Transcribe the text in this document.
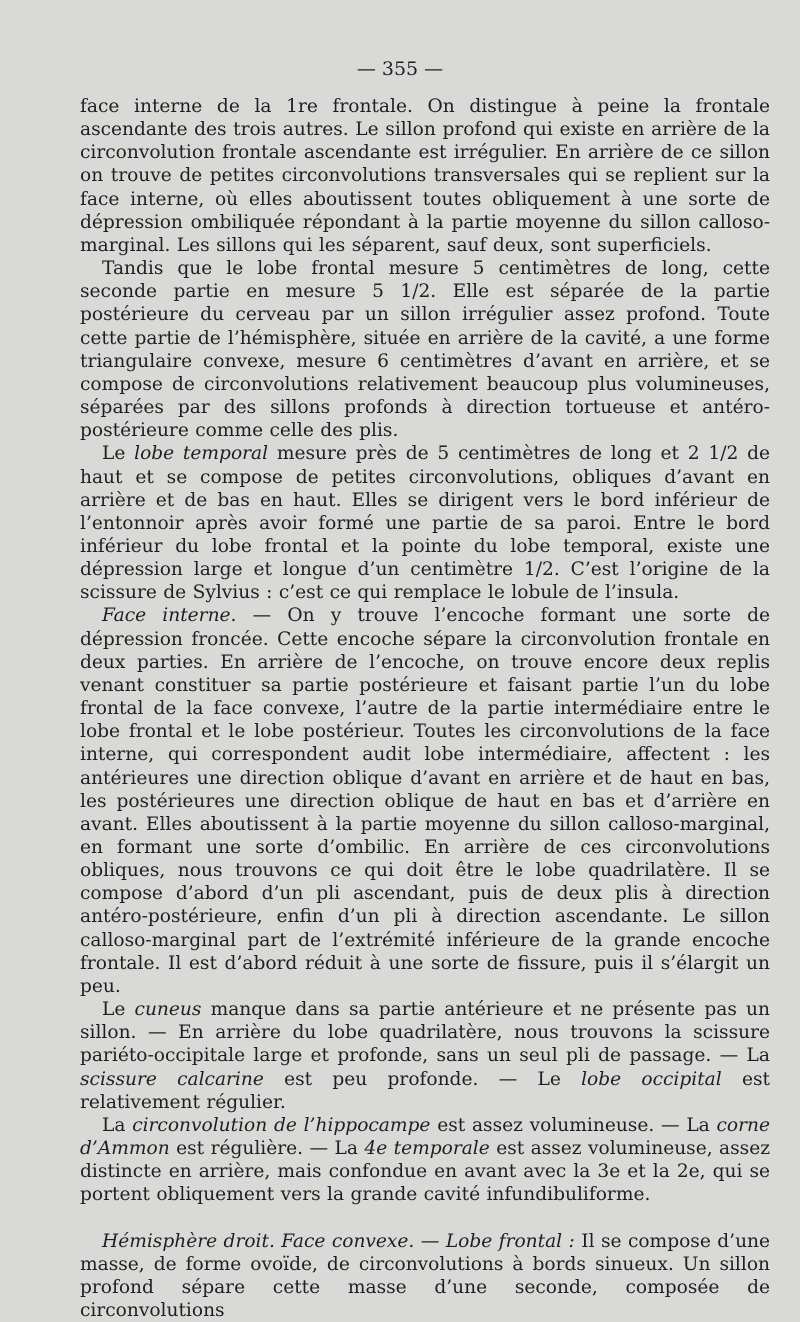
— 355 —

face interne de la 1re frontale. On distingue à peine la frontale ascendante des trois autres. Le sillon profond qui existe en arrière de la circonvolution frontale ascendante est irrégulier. En arrière de ce sillon on trouve de petites circonvolutions transversales qui se replient sur la face interne, où elles aboutissent toutes obliquement à une sorte de dépression ombiliquée répondant à la partie moyenne du sillon calloso-marginal. Les sillons qui les séparent, sauf deux, sont superficiels.

Tandis que le lobe frontal mesure 5 centimètres de long, cette seconde partie en mesure 5 1/2. Elle est séparée de la partie postérieure du cerveau par un sillon irrégulier assez profond. Toute cette partie de l’hémisphère, située en arrière de la cavité, a une forme triangulaire convexe, mesure 6 centimètres d’avant en arrière, et se compose de circonvolutions relativement beaucoup plus volumineuses, séparées par des sillons profonds à direction tortueuse et antéro-postérieure comme celle des plis.

Le lobe temporal mesure près de 5 centimètres de long et 2 1/2 de haut et se compose de petites circonvolutions, obliques d’avant en arrière et de bas en haut. Elles se dirigent vers le bord inférieur de l’entonnoir après avoir formé une partie de sa paroi. Entre le bord inférieur du lobe frontal et la pointe du lobe temporal, existe une dépression large et longue d’un centimètre 1/2. C’est l’origine de la scissure de Sylvius : c’est ce qui remplace le lobule de l’insula.

Face interne. — On y trouve l’encoche formant une sorte de dépression froncée. Cette encoche sépare la circonvolution frontale en deux parties. En arrière de l’encoche, on trouve encore deux replis venant constituer sa partie postérieure et faisant partie l’un du lobe frontal de la face convexe, l’autre de la partie intermédiaire entre le lobe frontal et le lobe postérieur. Toutes les circonvolutions de la face interne, qui correspondent audit lobe intermédiaire, affectent : les antérieures une direction oblique d’avant en arrière et de haut en bas, les postérieures une direction oblique de haut en bas et d’arrière en avant. Elles aboutissent à la partie moyenne du sillon calloso-marginal, en formant une sorte d’ombilic. En arrière de ces circonvolutions obliques, nous trouvons ce qui doit être le lobe quadrilatère. Il se compose d’abord d’un pli ascendant, puis de deux plis à direction antéro-postérieure, enfin d’un pli à direction ascendante. Le sillon calloso-marginal part de l’extrémité inférieure de la grande encoche frontale. Il est d’abord réduit à une sorte de fissure, puis il s’élargit un peu.

Le cuneus manque dans sa partie antérieure et ne présente pas un sillon. — En arrière du lobe quadrilatère, nous trouvons la scissure pariéto-occipitale large et profonde, sans un seul pli de passage. — La scissure calcarine est peu profonde. — Le lobe occipital est relativement régulier.

La circonvolution de l’hippocampe est assez volumineuse. — La corne d’Ammon est régulière. — La 4e temporale est assez volumineuse, assez distincte en arrière, mais confondue en avant avec la 3e et la 2e, qui se portent obliquement vers la grande cavité infundibuliforme.

Hémisphère droit. Face convexe. — Lobe frontal : Il se compose d’une masse, de forme ovoïde, de circonvolutions à bords sinueux. Un sillon profond sépare cette masse d’une seconde, composée de circonvolutions
